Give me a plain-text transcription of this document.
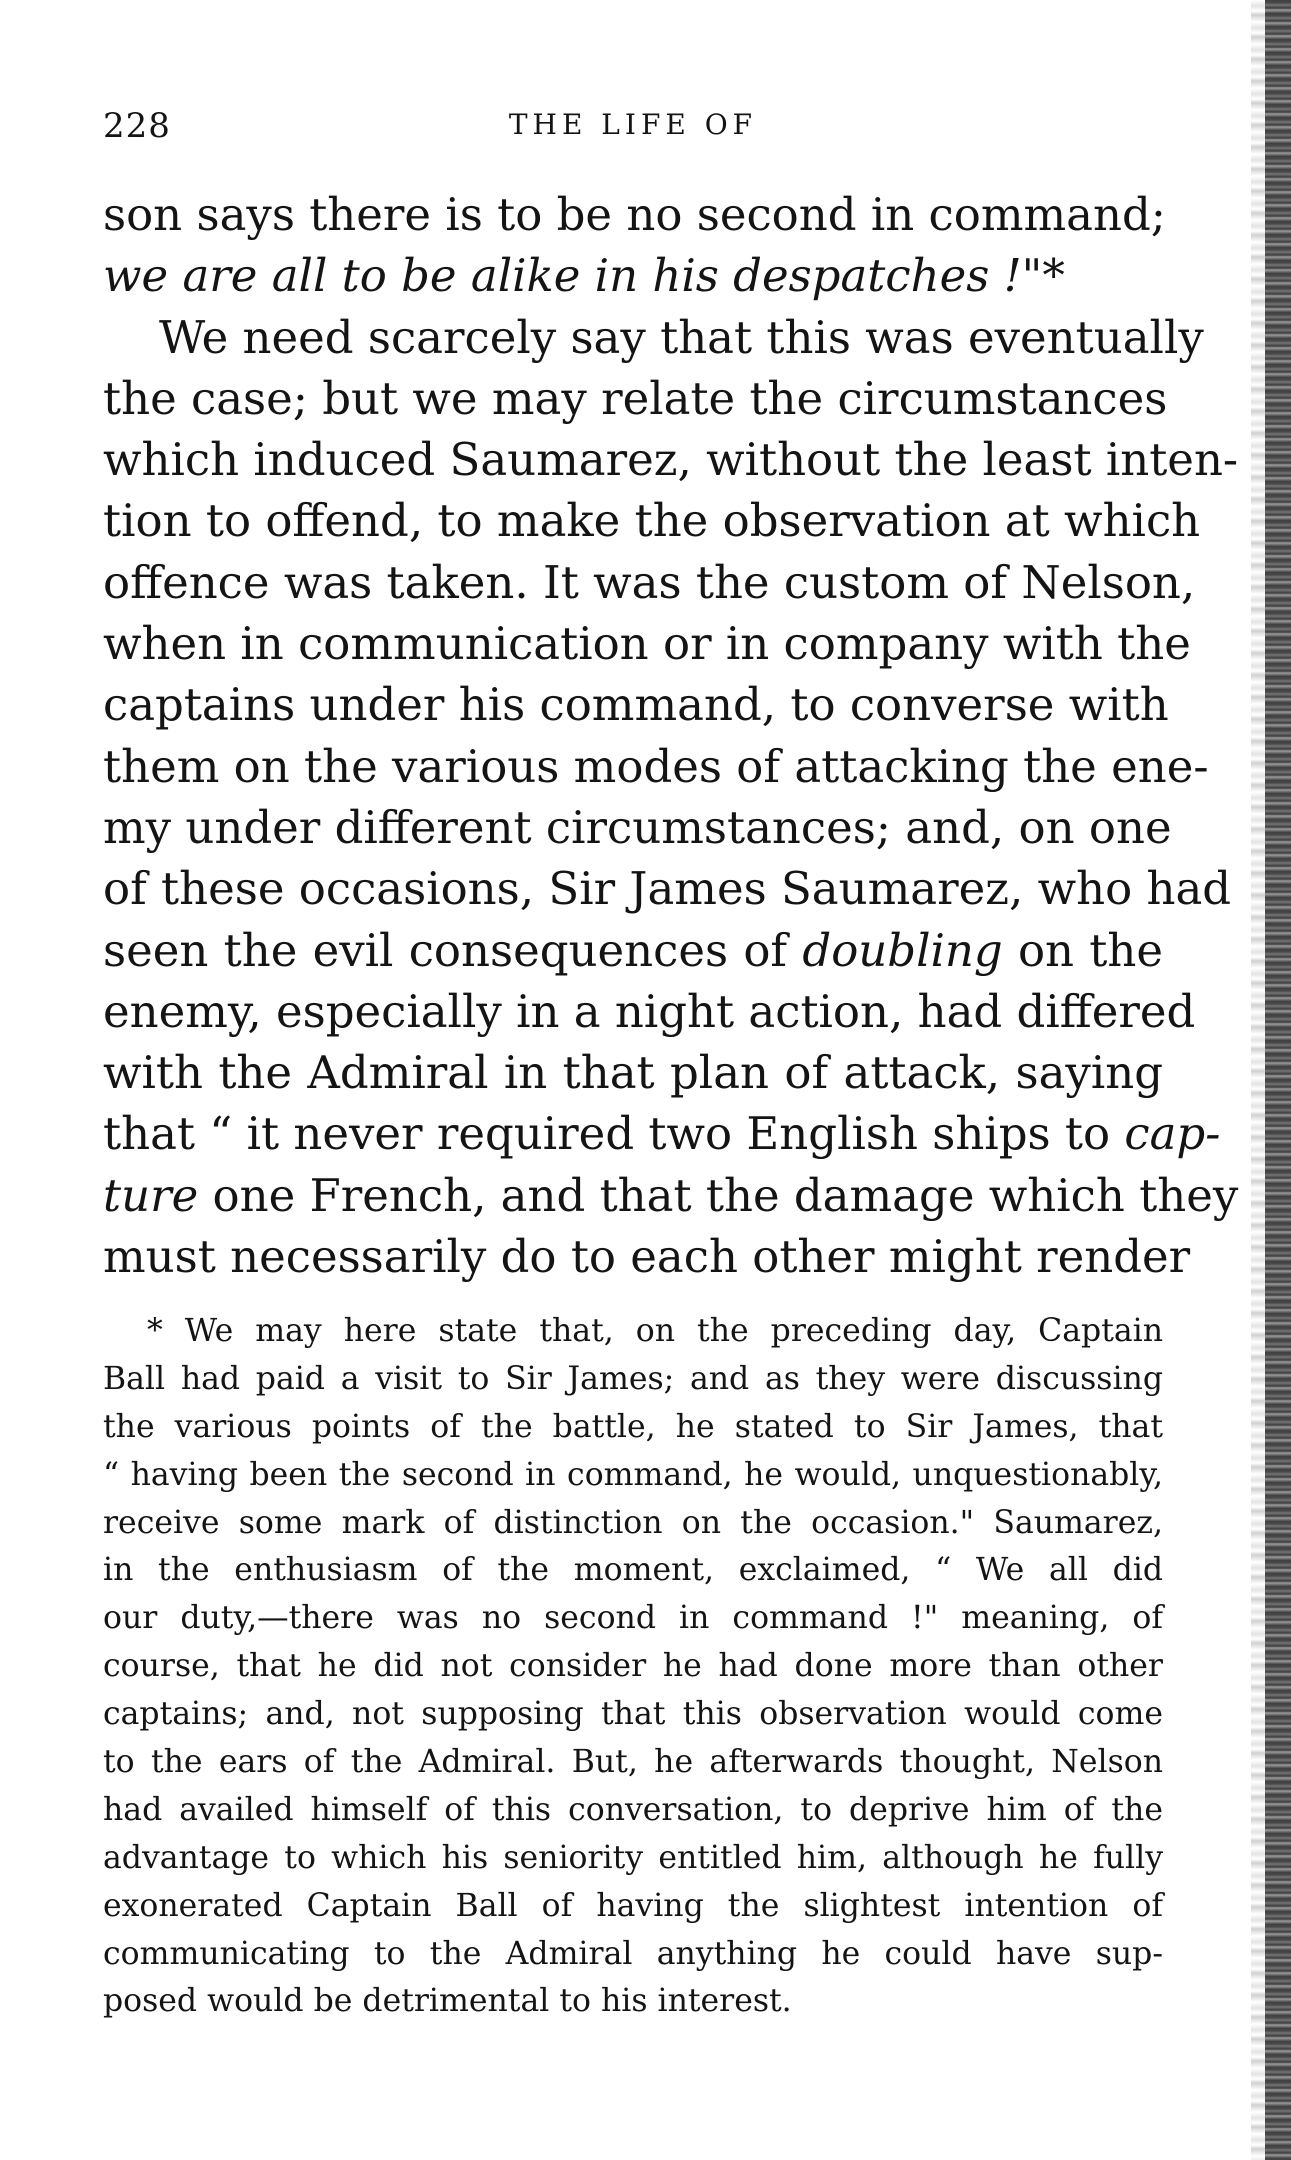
228	THE LIFE OF
son says there is to be no second in command;
we are all to be alike in his despatches !"*
We need scarcely say that this was eventually
the case; but we may relate the circumstances
which induced Saumarez, without the least inten-
tion to offend, to make the observation at which
offence was taken. It was the custom of Nelson,
when in communication or in company with the
captains under his command, to converse with
them on the various modes of attacking the ene-
my under different circumstances; and, on one
of these occasions, Sir James Saumarez, who had
seen the evil consequences of doubling on the
enemy, especially in a night action, had differed
with the Admiral in that plan of attack, saying
that “ it never required two English ships to cap-
ture one French, and that the damage which they
must necessarily do to each other might render
* We may here state that, on the preceding day, Captain
Ball had paid a visit to Sir James; and as they were discussing
the various points of the battle, he stated to Sir James, that
“ having been the second in command, he would, unquestionably,
receive some mark of distinction on the occasion." Saumarez,
in the enthusiasm of the moment, exclaimed, “ We all did
our duty,—there was no second in command !" meaning, of
course, that he did not consider he had done more than other
captains; and, not supposing that this observation would come
to the ears of the Admiral. But, he afterwards thought, Nelson
had availed himself of this conversation, to deprive him of the
advantage to which his seniority entitled him, although he fully
exonerated Captain Ball of having the slightest intention of
communicating to the Admiral anything he could have sup-
posed would be detrimental to his interest.
